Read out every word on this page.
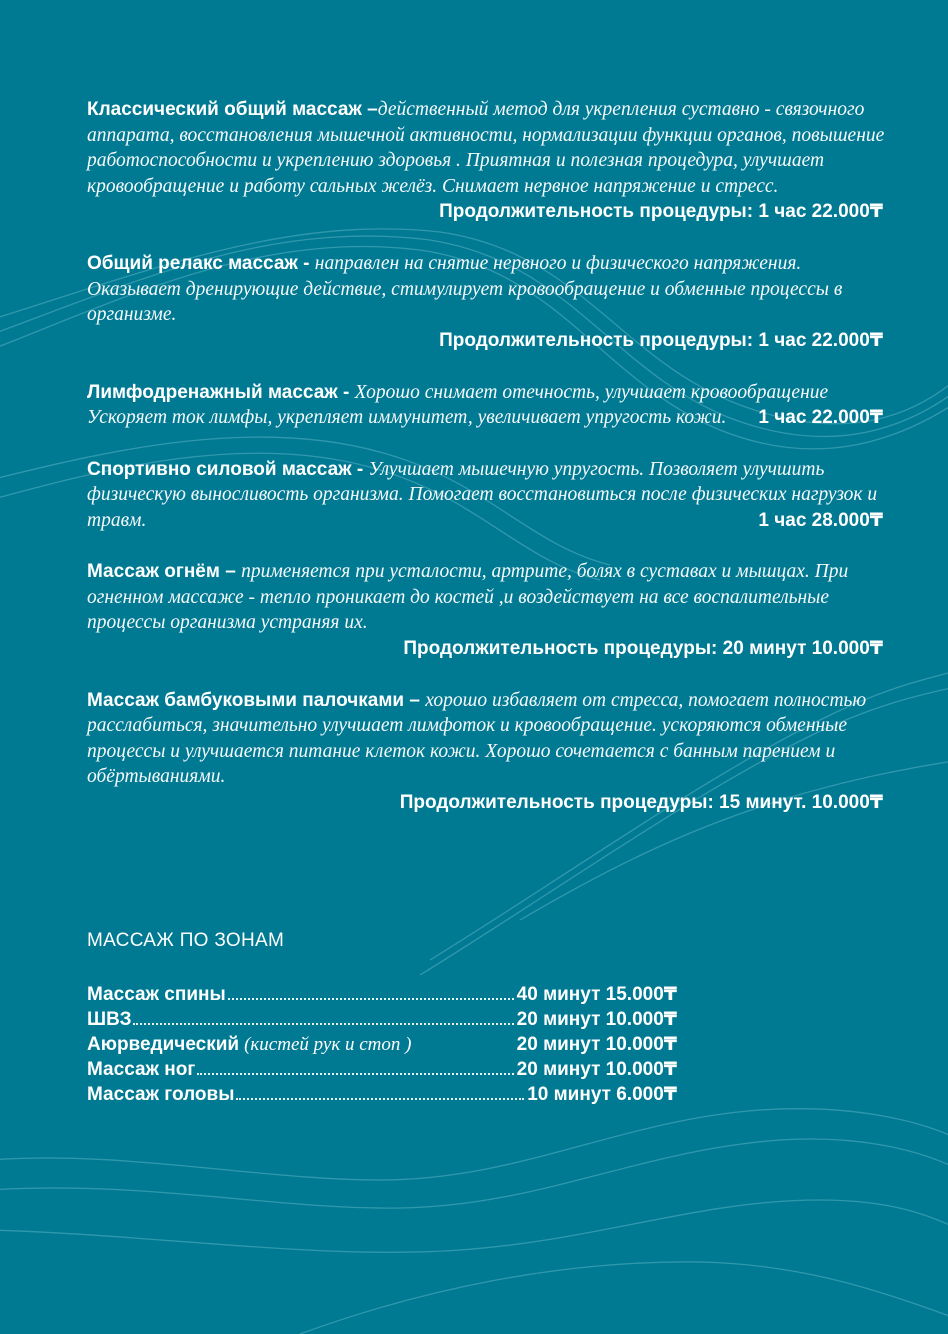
Классический общий массаж –действенный метод для укрепления суставно - связочного аппарата, восстановления мышечной активности, нормализации функции органов, повышение работоспособности и укреплению здоровья . Приятная и полезная процедура, улучшает кровообращение и работу сальных желёз. Снимает нервное напряжение и стресс.
Продолжительность процедуры: 1 час 22.000₸
Общий релакс массаж - направлен на снятие нервного и физического напряжения. Оказывает дренирующие действие, стимулирует кровообращение и обменные процессы в организме.
Продолжительность процедуры: 1 час 22.000₸
Лимфодренажный массаж - Хорошо снимает отечность, улучшает кровообращение Ускоряет ток лимфы, укрепляет иммунитет, увеличивает упругость кожи. 1 час 22.000₸
Спортивно силовой массаж - Улучшает мышечную упругость. Позволяет улучшить физическую выносливость организма. Помогает восстановиться после физических нагрузок и травм.	1 час 28.000₸
Массаж огнём – применяется при усталости, артрите, болях в суставах и мышцах. При огненном массаже - тепло проникает до костей ,и воздействует на все воспалительные процессы организма устраняя их.
Продолжительность процедуры: 20 минут 10.000₸
Массаж бамбуковыми палочками – хорошо избавляет от стресса, помогает полностью расслабиться, значительно улучшает лимфоток и кровообращение. ускоряются обменные процессы и улучшается питание клеток кожи. Хорошо сочетается с банным парением и обёртываниями.
Продолжительность процедуры: 15 минут. 10.000₸
МАССАЖ ПО ЗОНАМ
Массаж спины	40 минут 15.000₸
ШВЗ	20 минут 10.000₸
Аюрведический (кистей рук и стоп )	20 минут 10.000₸
Массаж ног	20 минут 10.000₸
Массаж головы	10 минут 6.000₸
